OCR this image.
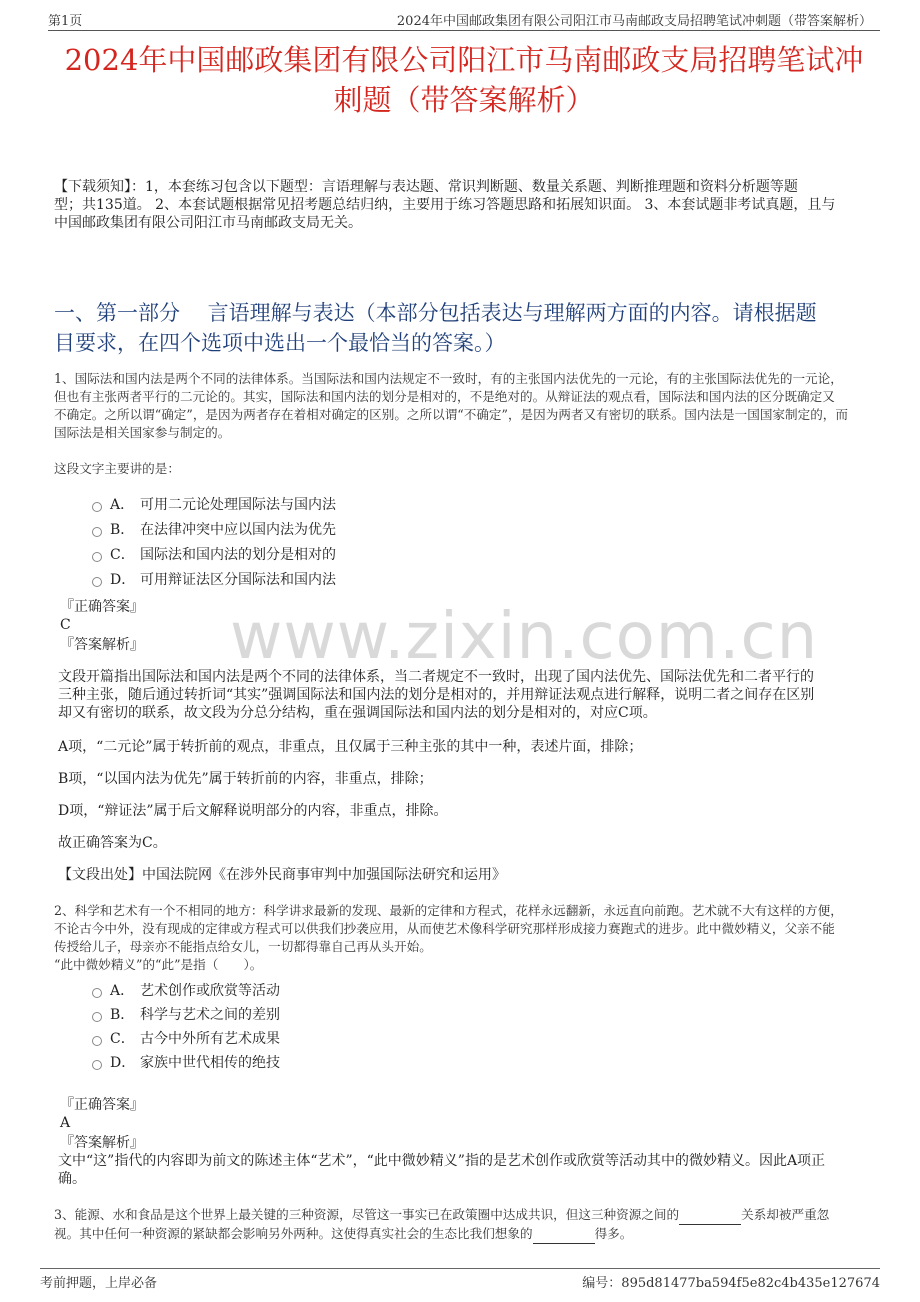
第1页	2024年中国邮政集团有限公司阳江市马南邮政支局招聘笔试冲刺题（带答案解析）
2024年中国邮政集团有限公司阳江市马南邮政支局招聘笔试冲
刺题（带答案解析）
【下载须知】：1，本套练习包含以下题型：言语理解与表达题、常识判断题、数量关系题、判断推理题和资料分析题等题
型；共135道。 2、本套试题根据常见招考题总结归纳，主要用于练习答题思路和拓展知识面。 3、本套试题非考试真题，且与
中国邮政集团有限公司阳江市马南邮政支局无关。
一、第一部分　 言语理解与表达（本部分包括表达与理解两方面的内容。请根据题
目要求，在四个选项中选出一个最恰当的答案。）
1、国际法和国内法是两个不同的法律体系。当国际法和国内法规定不一致时，有的主张国内法优先的一元论，有的主张国际法优先的一元论，
但也有主张两者平行的二元论的。其实，国际法和国内法的划分是相对的，不是绝对的。从辩证法的观点看，国际法和国内法的区分既确定又
不确定。之所以谓“确定”，是因为两者存在着相对确定的区别。之所以谓“不确定”，是因为两者又有密切的联系。国内法是一国国家制定的，而
国际法是相关国家参与制定的。
这段文字主要讲的是：
A． 可用二元论处理国际法与国内法
B． 在法律冲突中应以国内法为优先
C． 国际法和国内法的划分是相对的
D． 可用辩证法区分国际法和国内法
『正确答案』
C
『答案解析』 www.zixin.com.cn
文段开篇指出国际法和国内法是两个不同的法律体系，当二者规定不一致时，出现了国内法优先、国际法优先和二者平行的
三种主张，随后通过转折词“其实”强调国际法和国内法的划分是相对的，并用辩证法观点进行解释，说明二者之间存在区别
却又有密切的联系，故文段为分总分结构，重在强调国际法和国内法的划分是相对的，对应C项。
A项，“二元论”属于转折前的观点，非重点，且仅属于三种主张的其中一种，表述片面，排除；
B项，“以国内法为优先”属于转折前的内容，非重点，排除；
D项，“辩证法”属于后文解释说明部分的内容，非重点，排除。
故正确答案为C。
【文段出处】中国法院网《在涉外民商事审判中加强国际法研究和运用》
2、科学和艺术有一个不相同的地方：科学讲求最新的发现、最新的定律和方程式，花样永远翻新，永远直向前跑。艺术就不大有这样的方便，
不论古今中外，没有现成的定律或方程式可以供我们抄袭应用，从而使艺术像科学研究那样形成接力赛跑式的进步。此中微妙精义，父亲不能
传授给儿子，母亲亦不能指点给女儿，一切都得靠自己再从头开始。
“此中微妙精义”的“此”是指（　　）。
A． 艺术创作或欣赏等活动
B． 科学与艺术之间的差别
C． 古今中外所有艺术成果
D． 家族中世代相传的绝技
『正确答案』
A
『答案解析』
文中“这”指代的内容即为前文的陈述主体“艺术”，“此中微妙精义”指的是艺术创作或欣赏等活动其中的微妙精义。因此A项正
确。
3、能源、水和食品是这个世界上最关键的三种资源，尽管这一事实已在政策圈中达成共识，但这三种资源之间的	关系却被严重忽
视。其中任何一种资源的紧缺都会影响另外两种。这使得真实社会的生态比我们想象的	得多。
考前押题，上岸必备	编号：895d81477ba594f5e82c4b435e127674
